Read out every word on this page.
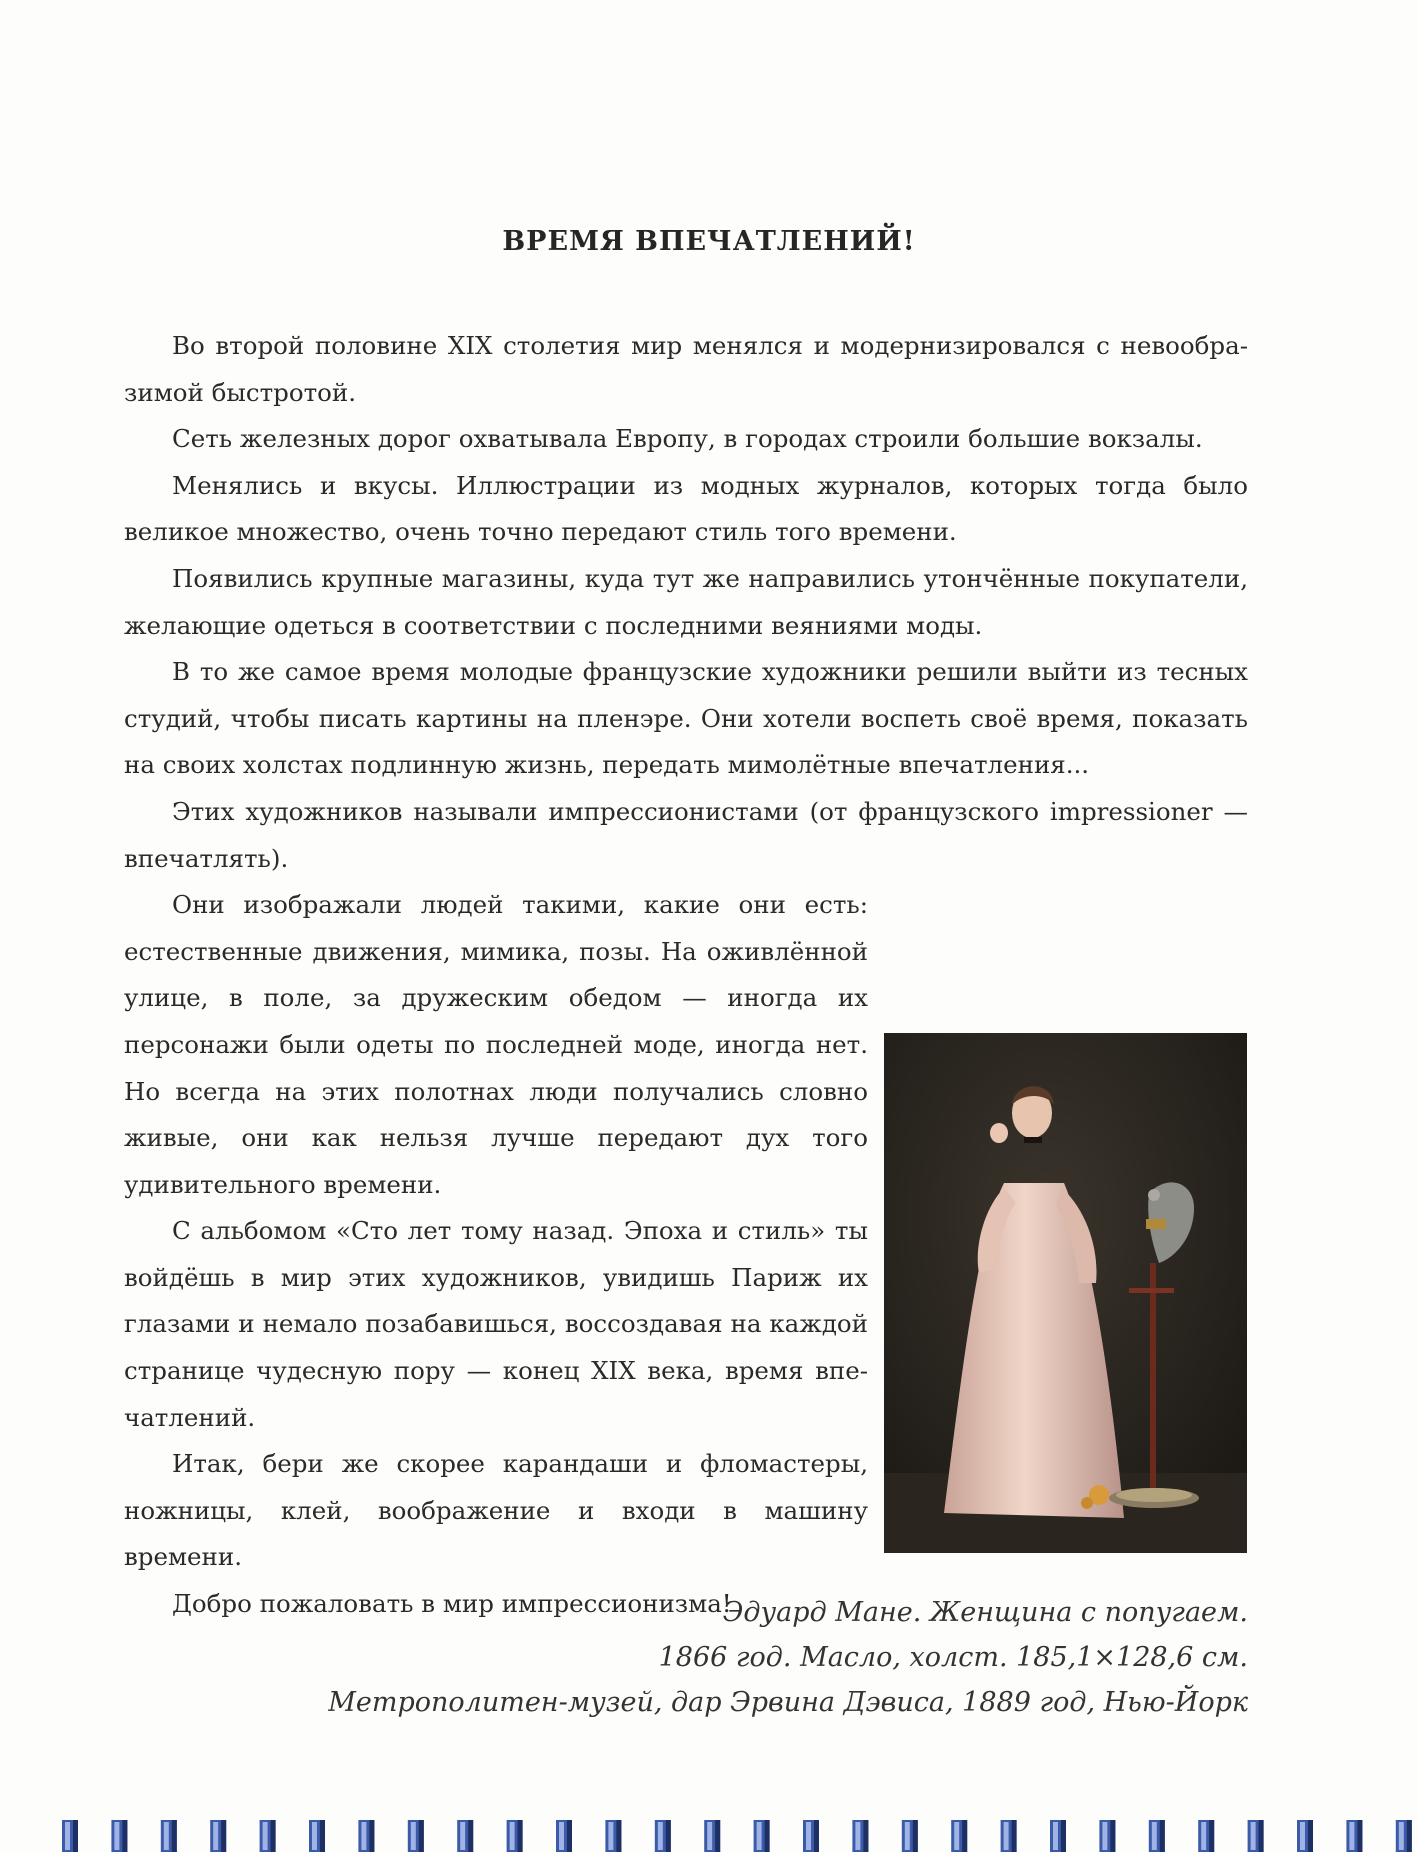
ВРЕМЯ ВПЕЧАТЛЕНИЙ!

Во второй половине XIX столетия мир менялся и модернизировался с невообразимой быстротой.

Сеть железных дорог охватывала Европу, в городах строили большие вокзалы.

Менялись и вкусы. Иллюстрации из модных журналов, которых тогда было великое множество, очень точно передают стиль того времени.

Появились крупные магазины, куда тут же направились утончённые покупатели, желающие одеться в соответствии с последними веяниями моды.

В то же самое время молодые французские художники решили выйти из тесных студий, чтобы писать картины на пленэре. Они хотели воспеть своё время, показать на своих холстах подлинную жизнь, передать мимолётные впечатления...

Этих художников называли импрессионистами (от французского impressioner — впечатлять).

Они изображали людей такими, какие они есть: естественные движения, мимика, позы. На оживлённой улице, в поле, за дружеским обедом — иногда их персонажи были одеты по последней моде, иногда нет. Но всегда на этих полотнах люди получались словно живые, они как нельзя лучше передают дух того удивительного времени.

С альбомом «Сто лет тому назад. Эпоха и стиль» ты войдёшь в мир этих художников, увидишь Париж их глазами и немало позабавишься, воссоздавая на каждой странице чудесную пору — конец XIX века, время впечатлений.

Итак, бери же скорее карандаши и фломастеры, ножницы, клей, воображение и входи в машину времени.

Добро пожаловать в мир импрессионизма!

Эдуард Мане. Женщина с попугаем.
1866 год. Масло, холст. 185,1×128,6 см.
Метрополитен-музей, дар Эрвина Дэвиса, 1889 год, Нью-Йорк
